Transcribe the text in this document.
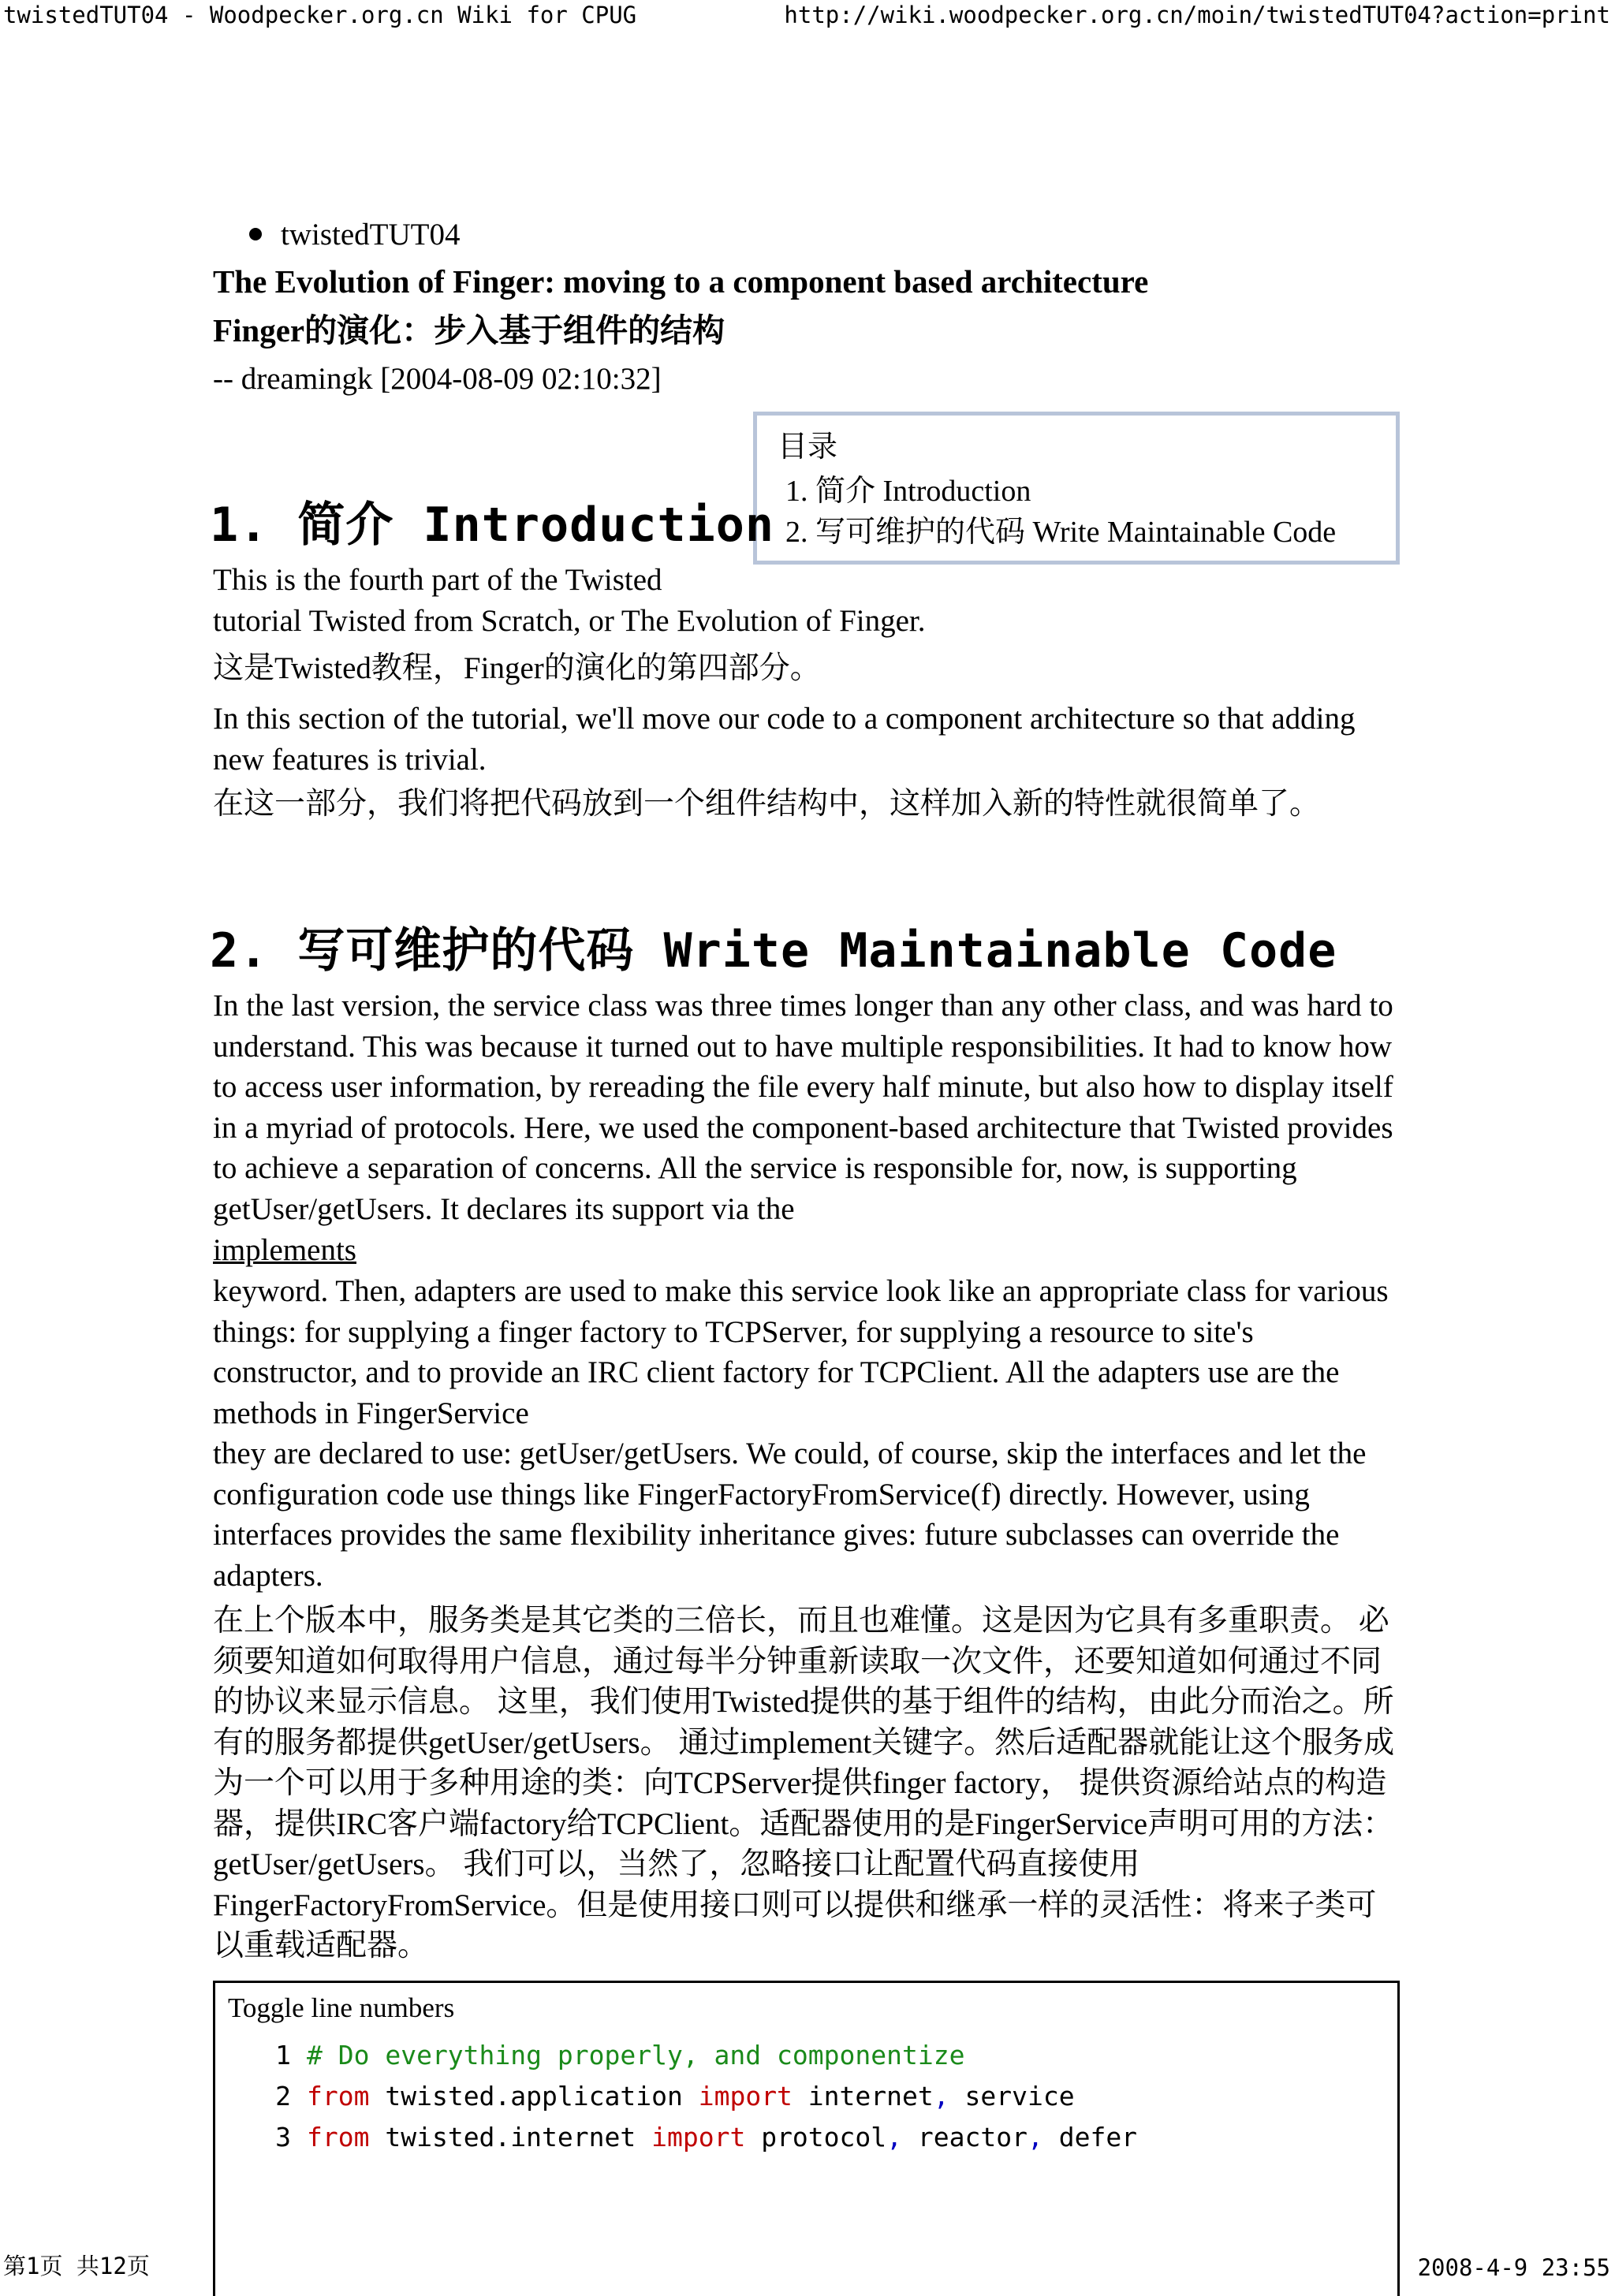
twistedTUT04 - Woodpecker.org.cn Wiki for CPUG	http://wiki.woodpecker.org.cn/moin/twistedTUT04?action=print
twistedTUT04

The Evolution of Finger: moving to a component based architecture

Finger的演化：步入基于组件的结构

-- dreamingk [2004-08-09 02:10:32]

目录

1. 简介 Introduction
2. 写可维护的代码 Write Maintainable Code
1. 简介 Introduction

This is the fourth part of the Twisted

tutorial Twisted from Scratch, or The Evolution of Finger.

这是Twisted教程，Finger的演化的第四部分。

In this section of the tutorial, we'll move our code to a component architecture so that adding new features is trivial.

在这一部分，我们将把代码放到一个组件结构中，这样加入新的特性就很简单了。

2. 写可维护的代码 Write Maintainable Code

In the last version, the service class was three times longer than any other class, and was hard to understand. This was because it turned out to have multiple responsibilities. It had to know how to access user information, by rereading the file every half minute, but also how to display itself in a myriad of protocols. Here, we used the component-based architecture that Twisted provides to achieve a separation of concerns. All the service is responsible for, now, is supporting getUser/getUsers. It declares its support via the

implements

keyword. Then, adapters are used to make this service look like an appropriate class for various things: for supplying a finger factory to TCPServer, for supplying a resource to site's constructor, and to provide an IRC client factory for TCPClient. All the adapters use are the methods in FingerService

they are declared to use: getUser/getUsers. We could, of course, skip the interfaces and let the configuration code use things like FingerFactoryFromService(f) directly. However, using interfaces provides the same flexibility inheritance gives: future subclasses can override the adapters.

在上个版本中，服务类是其它类的三倍长，而且也难懂。这是因为它具有多重职责。 必须要知道如何取得用户信息，通过每半分钟重新读取一次文件，还要知道如何通过不同的协议来显示信息。 这里，我们使用Twisted提供的基于组件的结构，由此分而治之。所有的服务都提供getUser/getUsers。 通过implement关键字。然后适配器就能让这个服务成为一个可以用于多种用途的类：向TCPServer提供finger factory， 提供资源给站点的构造器，提供IRC客户端factory给TCPClient。适配器使用的是FingerService声明可用的方法：getUser/getUsers。 我们可以，当然了，忽略接口让配置代码直接使用FingerFactoryFromService。但是使用接口则可以提供和继承一样的灵活性：将来子类可以重载适配器。

Toggle line numbers
1 # Do everything properly, and componentize
2 from twisted.application import internet, service
3 from twisted.internet import protocol, reactor, defer
第1页 共12页	2008-4-9 23:55
